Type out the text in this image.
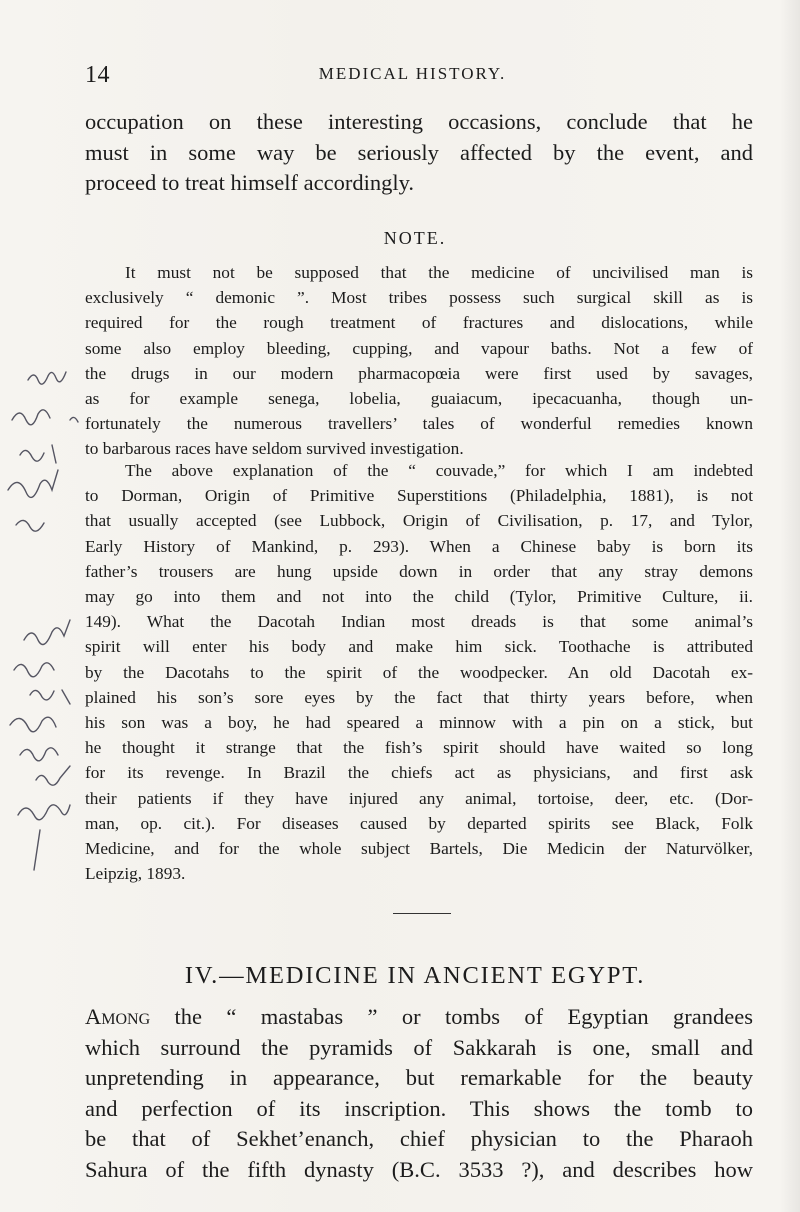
14	MEDICAL HISTORY.
occupation on these interesting occasions, conclude that he
must in some way be seriously affected by the event, and
proceed to treat himself accordingly.
NOTE.
It must not be supposed that the medicine of uncivilised man is
exclusively “ demonic ”. Most tribes possess such surgical skill as is
required for the rough treatment of fractures and dislocations, while
some also employ bleeding, cupping, and vapour baths. Not a few of
the drugs in our modern pharmacopœia were first used by savages,
as for example senega, lobelia, guaiacum, ipecacuanha, though un-
fortunately the numerous travellers’ tales of wonderful remedies known
to barbarous races have seldom survived investigation.
The above explanation of the “ couvade,” for which I am indebted
to Dorman, Origin of Primitive Superstitions (Philadelphia, 1881), is not
that usually accepted (see Lubbock, Origin of Civilisation, p. 17, and Tylor,
Early History of Mankind, p. 293). When a Chinese baby is born its
father’s trousers are hung upside down in order that any stray demons
may go into them and not into the child (Tylor, Primitive Culture, ii.
149). What the Dacotah Indian most dreads is that some animal’s
spirit will enter his body and make him sick. Toothache is attributed
by the Dacotahs to the spirit of the woodpecker. An old Dacotah ex-
plained his son’s sore eyes by the fact that thirty years before, when
his son was a boy, he had speared a minnow with a pin on a stick, but
he thought it strange that the fish’s spirit should have waited so long
for its revenge. In Brazil the chiefs act as physicians, and first ask
their patients if they have injured any animal, tortoise, deer, etc. (Dor-
man, op. cit.). For diseases caused by departed spirits see Black, Folk
Medicine, and for the whole subject Bartels, Die Medicin der Naturvölker,
Leipzig, 1893.
IV.—MEDICINE IN ANCIENT EGYPT.
Among the “ mastabas ” or tombs of Egyptian grandees
which surround the pyramids of Sakkarah is one, small and
unpretending in appearance, but remarkable for the beauty
and perfection of its inscription. This shows the tomb to
be that of Sekhet’enanch, chief physician to the Pharaoh
Sahura of the fifth dynasty (B.C. 3533 ?), and describes how
